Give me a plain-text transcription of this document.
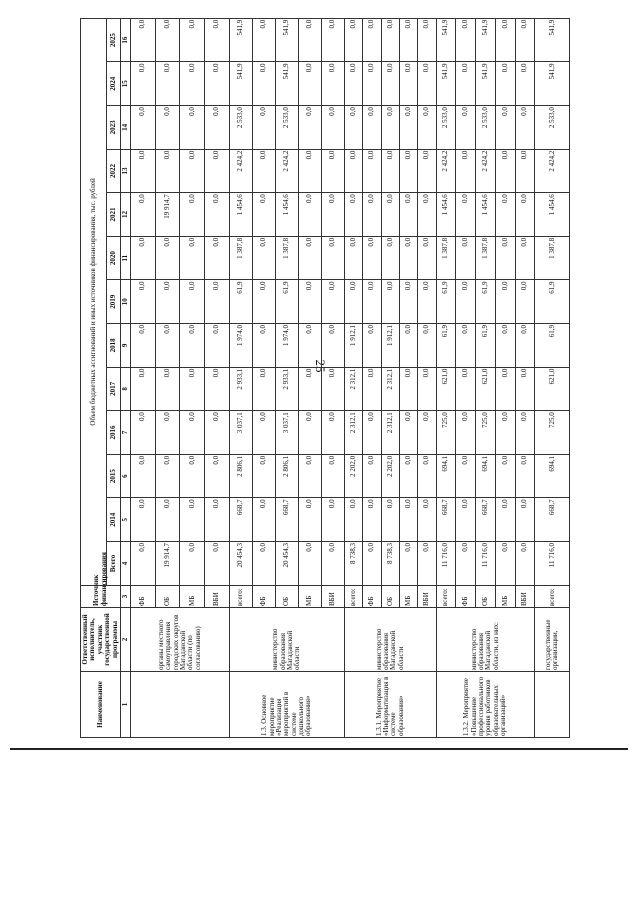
25
Наименование	Ответственный исполнитель, участник государственной программы	Источник финансирования	Объем бюджетных ассигнований и иных источников финансирования, тыс. рублей												
			Всего	2014	2015	2016	2017	2018	2019	2020	2021	2022	2023	2024	2025
1	2	3	4	5	6	7	8	9	10	11	12	13	14	15	16
	органы местного самоуправления городских округов Магаданской области (по согласованию)	ФБ	0,0	0,0	0,0	0,0	0,0	0,0	0,0	0,0	0,0	0,0	0,0	0,0	0,0
		ОБ	19 914,7	0,0	0,0	0,0	0,0	0,0	0,0	0,0	19 914,7	0,0	0,0	0,0	0,0
		МБ	0,0	0,0	0,0	0,0	0,0	0,0	0,0	0,0	0,0	0,0	0,0	0,0	0,0
		ВБИ	0,0	0,0	0,0	0,0	0,0	0,0	0,0	0,0	0,0	0,0	0,0	0,0	0,0
1.3. Основное мероприятие «Реализация мероприятий в системе дошкольного образования»	министерство образования Магаданской области	всего:	20 454,3	668,7	2 806,1	3 037,1	2 933,1	1 974,0	61,9	1 387,8	1 454,6	2 424,2	2 533,0	541,9	541,9
		ФБ	0,0	0,0	0,0	0,0	0,0	0,0	0,0	0,0	0,0	0,0	0,0	0,0	0,0
		ОБ	20 454,3	668,7	2 806,1	3 037,1	2 933,1	1 974,0	61,9	1 387,8	1 454,6	2 424,2	2 533,0	541,9	541,9
		МБ	0,0	0,0	0,0	0,0	0,0	0,0	0,0	0,0	0,0	0,0	0,0	0,0	0,0
		ВБИ	0,0	0,0	0,0	0,0	0,0	0,0	0,0	0,0	0,0	0,0	0,0	0,0	0,0
1.3.1. Мероприятие «Информатизация в системе образования»	министерство образования Магаданской области	всего:	8 738,3	0,0	2 202,0	2 312,1	2 312,1	1 912,1	0,0	0,0	0,0	0,0	0,0	0,0	0,0
		ФБ	0,0	0,0	0,0	0,0	0,0	0,0	0,0	0,0	0,0	0,0	0,0	0,0	0,0
		ОБ	8 738,3	0,0	2 202,0	2 312,1	2 312,1	1 912,1	0,0	0,0	0,0	0,0	0,0	0,0	0,0
		МБ	0,0	0,0	0,0	0,0	0,0	0,0	0,0	0,0	0,0	0,0	0,0	0,0	0,0
		ВБИ	0,0	0,0	0,0	0,0	0,0	0,0	0,0	0,0	0,0	0,0	0,0	0,0	0,0
1.3.2. Мероприятие «Повышение профессионального уровня работников образовательных организаций»	министерство образования Магаданской области, из них:	всего:	11 716,0	668,7	694,1	725,0	621,0	61,9	61,9	1 387,8	1 454,6	2 424,2	2 533,0	541,9	541,9
		ФБ	0,0	0,0	0,0	0,0	0,0	0,0	0,0	0,0	0,0	0,0	0,0	0,0	0,0
		ОБ	11 716,0	668,7	694,1	725,0	621,0	61,9	61,9	1 387,8	1 454,6	2 424,2	2 533,0	541,9	541,9
		МБ	0,0	0,0	0,0	0,0	0,0	0,0	0,0	0,0	0,0	0,0	0,0	0,0	0,0
		ВБИ	0,0	0,0	0,0	0,0	0,0	0,0	0,0	0,0	0,0	0,0	0,0	0,0	0,0
	государственные организации,	всего:	11 716,0	668,7	694,1	725,0	621,0	61,9	61,9	1 387,8	1 454,6	2 424,2	2 533,0	541,9	541,9
